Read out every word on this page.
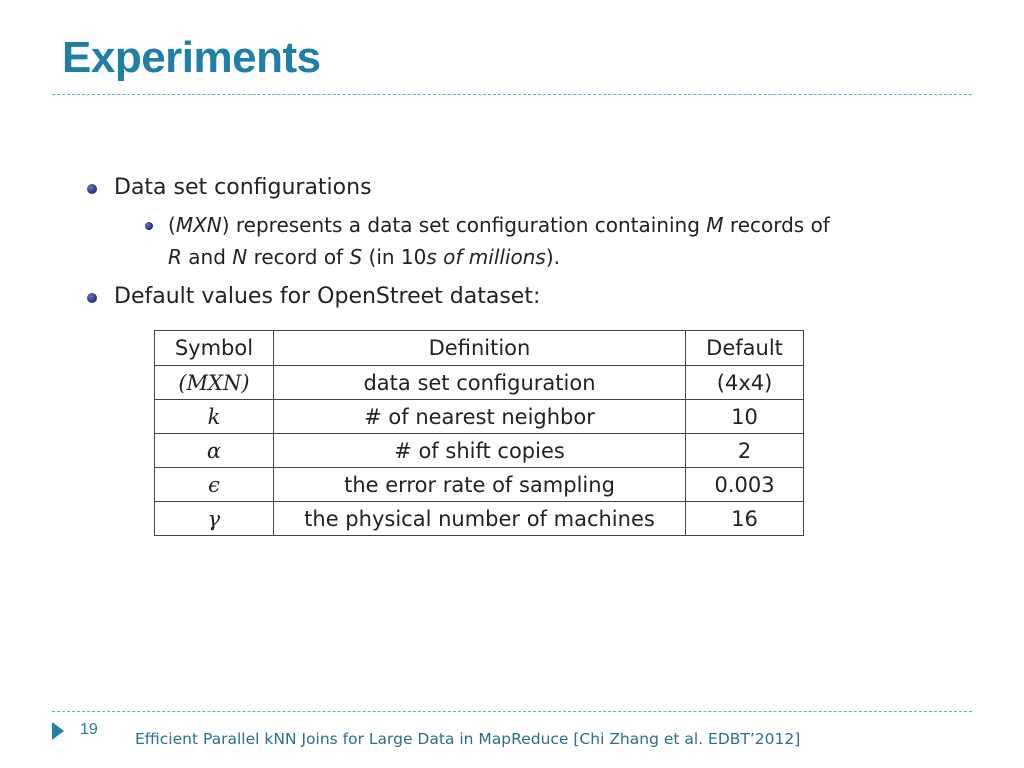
Experiments
Data set configurations
(MXN) represents a data set configuration containing M records of
R and N record of S (in 10s of millions).
Default values for OpenStreet dataset:
Symbol	Definition	Default
(MXN)	data set configuration	(4x4)
k	# of nearest neighbor	10
α	# of shift copies	2
ϵ	the error rate of sampling	0.003
γ	the physical number of machines	16
19
Efficient Parallel kNN Joins for Large Data in MapReduce [Chi Zhang et al. EDBT’2012]
